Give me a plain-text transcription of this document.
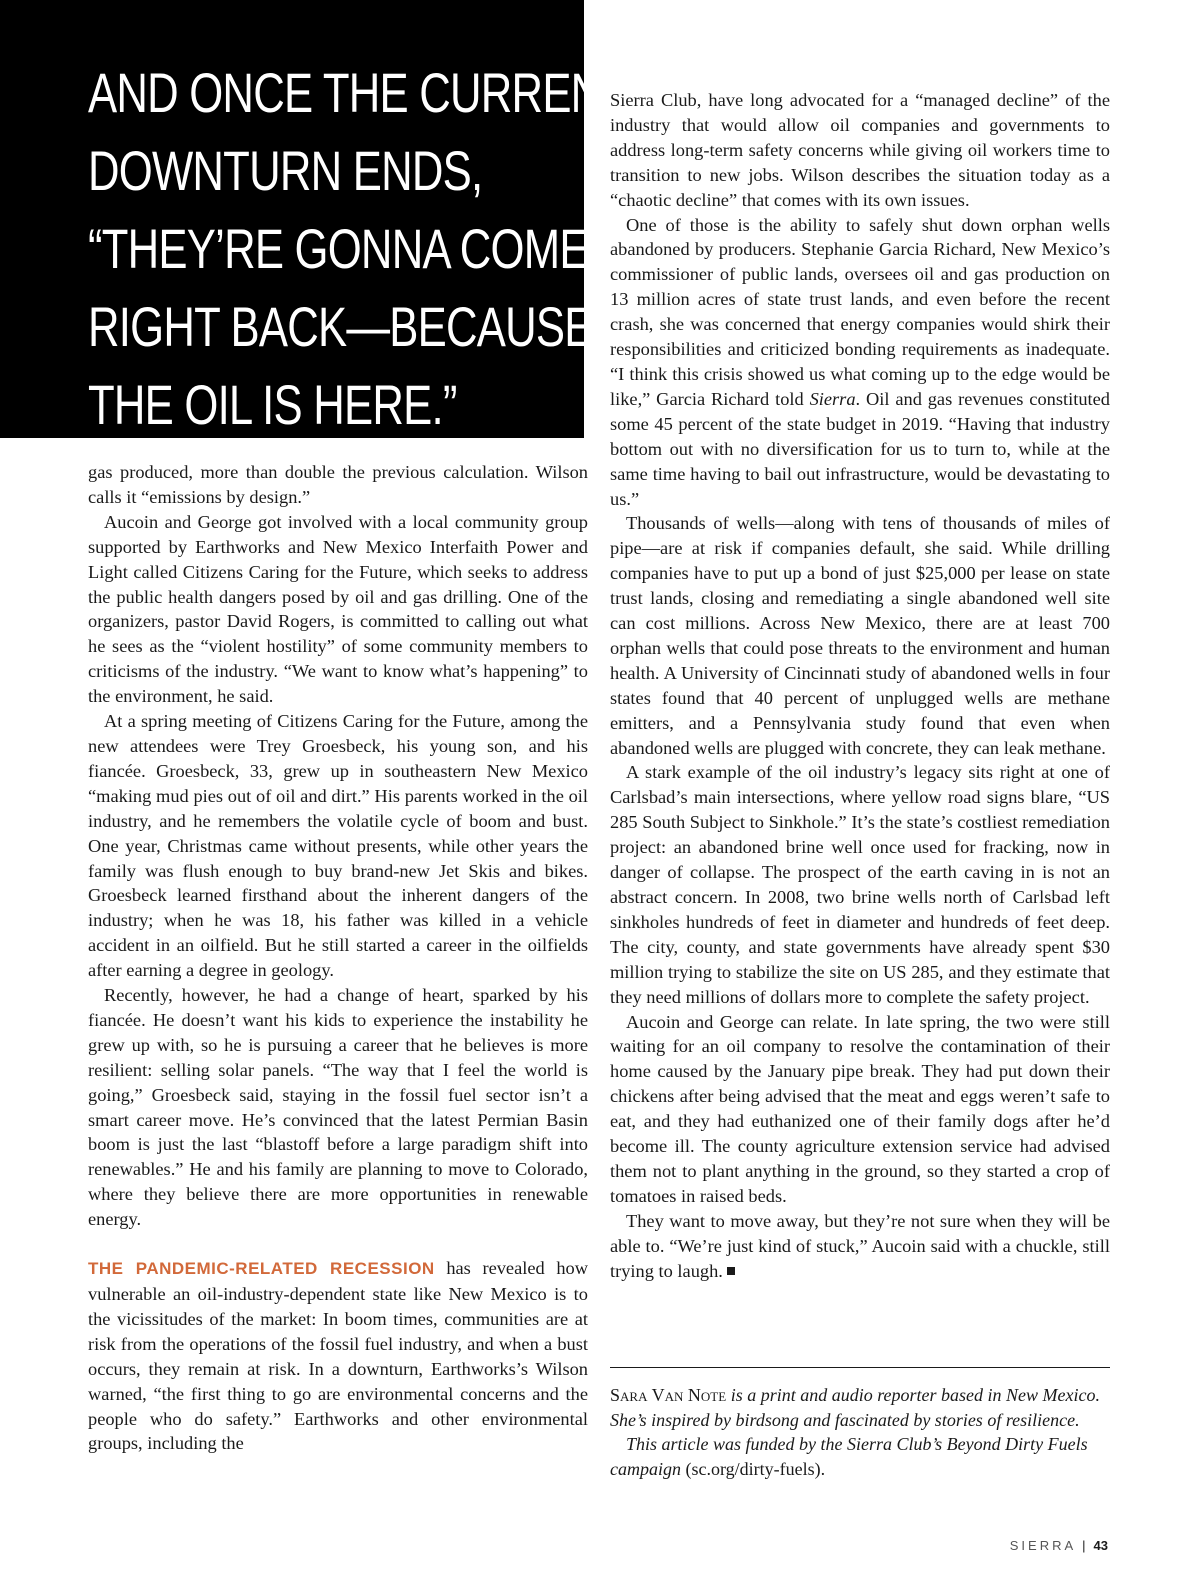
AND ONCE THE CURRENT
DOWNTURN ENDS,
“THEY’RE GONNA COME
RIGHT BACK—BECAUSE
THE OIL IS HERE.”

gas produced, more than double the previous calculation. Wilson calls it “emissions by design.”

Aucoin and George got involved with a local community group supported by Earthworks and New Mexico Interfaith Power and Light called Citizens Caring for the Future, which seeks to address the public health dangers posed by oil and gas drilling. One of the organizers, pastor David Rogers, is committed to calling out what he sees as the “violent hostility” of some community members to criticisms of the industry. “We want to know what’s happening” to the environment, he said.

At a spring meeting of Citizens Caring for the Future, among the new attendees were Trey Groesbeck, his young son, and his fiancée. Groesbeck, 33, grew up in southeastern New Mexico “making mud pies out of oil and dirt.” His parents worked in the oil industry, and he remembers the volatile cycle of boom and bust. One year, Christmas came without presents, while other years the family was flush enough to buy brand-new Jet Skis and bikes. Groesbeck learned firsthand about the inherent dangers of the industry; when he was 18, his father was killed in a vehicle accident in an oilfield. But he still started a career in the oilfields after earning a degree in geology.

Recently, however, he had a change of heart, sparked by his fiancée. He doesn’t want his kids to experience the instability he grew up with, so he is pursuing a career that he believes is more resilient: selling solar panels. “The way that I feel the world is going,” Groesbeck said, staying in the fossil fuel sector isn’t a smart career move. He’s convinced that the latest Permian Basin boom is just the last “blastoff before a large paradigm shift into renewables.” He and his family are planning to move to Colorado, where they believe there are more opportunities in renewable energy.

THE PANDEMIC-RELATED RECESSION has revealed how vulnerable an oil-industry-dependent state like New Mexico is to the vicissitudes of the market: In boom times, communities are at risk from the operations of the fossil fuel industry, and when a bust occurs, they remain at risk. In a downturn, Earthworks’s Wilson warned, “the first thing to go are environmental concerns and the people who do safety.” Earthworks and other environmental groups, including the

Sierra Club, have long advocated for a “managed decline” of the industry that would allow oil companies and governments to address long-term safety concerns while giving oil workers time to transition to new jobs. Wilson describes the situation today as a “chaotic decline” that comes with its own issues.

One of those is the ability to safely shut down orphan wells abandoned by producers. Stephanie Garcia Richard, New Mexico’s commissioner of public lands, oversees oil and gas production on 13 million acres of state trust lands, and even before the recent crash, she was concerned that energy companies would shirk their responsibilities and criticized bonding requirements as inadequate. “I think this crisis showed us what coming up to the edge would be like,” Garcia Richard told Sierra. Oil and gas revenues constituted some 45 percent of the state budget in 2019. “Having that industry bottom out with no diversification for us to turn to, while at the same time having to bail out infrastructure, would be devastating to us.”

Thousands of wells—along with tens of thousands of miles of pipe—are at risk if companies default, she said. While drilling companies have to put up a bond of just $25,000 per lease on state trust lands, closing and remediating a single abandoned well site can cost millions. Across New Mexico, there are at least 700 orphan wells that could pose threats to the environment and human health. A University of Cincinnati study of abandoned wells in four states found that 40 percent of unplugged wells are methane emitters, and a Pennsylvania study found that even when abandoned wells are plugged with concrete, they can leak methane.

A stark example of the oil industry’s legacy sits right at one of Carlsbad’s main intersections, where yellow road signs blare, “US 285 South Subject to Sinkhole.” It’s the state’s costliest remediation project: an abandoned brine well once used for fracking, now in danger of collapse. The prospect of the earth caving in is not an abstract concern. In 2008, two brine wells north of Carlsbad left sinkholes hundreds of feet in diameter and hundreds of feet deep. The city, county, and state governments have already spent $30 million trying to stabilize the site on US 285, and they estimate that they need millions of dollars more to complete the safety project.

Aucoin and George can relate. In late spring, the two were still waiting for an oil company to resolve the contamination of their home caused by the January pipe break. They had put down their chickens after being advised that the meat and eggs weren’t safe to eat, and they had euthanized one of their family dogs after he’d become ill. The county agriculture extension service had advised them not to plant anything in the ground, so they started a crop of tomatoes in raised beds.

They want to move away, but they’re not sure when they will be able to. “We’re just kind of stuck,” Aucoin said with a chuckle, still trying to laugh.

Sara Van Note is a print and audio reporter based in New Mexico. She’s inspired by birdsong and fascinated by stories of resilience.

This article was funded by the Sierra Club’s Beyond Dirty Fuels campaign (sc.org/dirty-fuels).

SIERRA | 43
